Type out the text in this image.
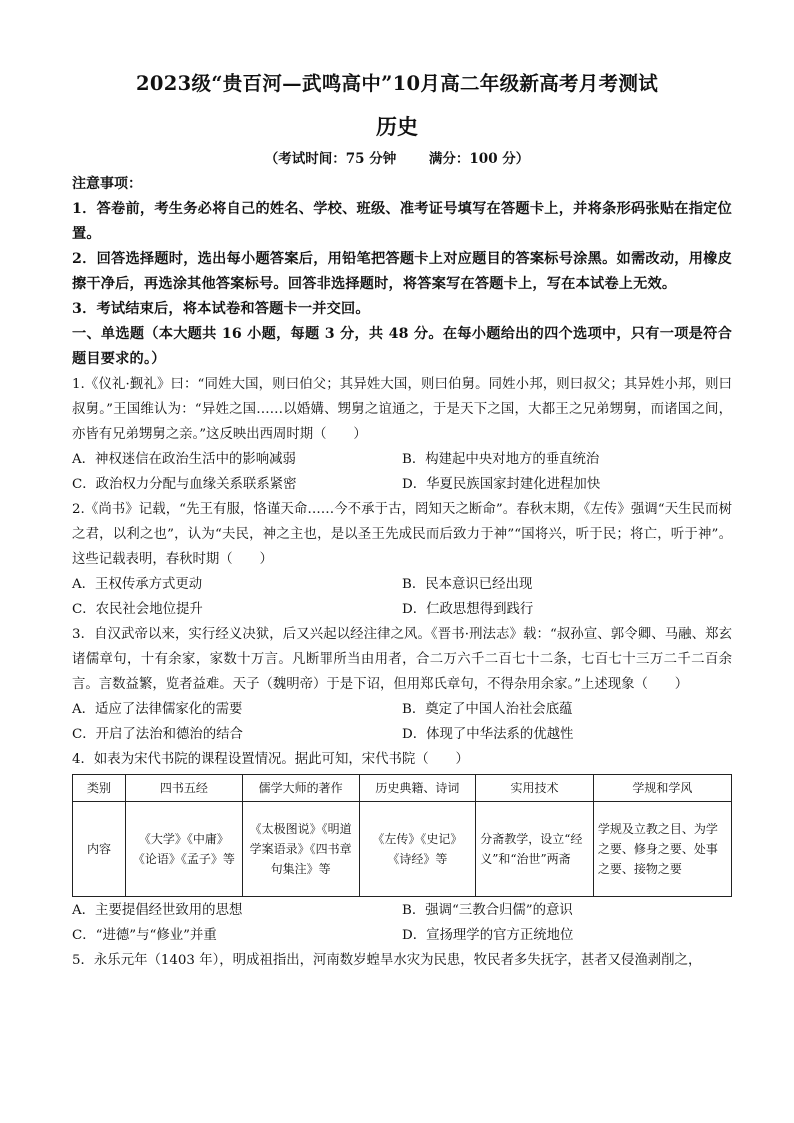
2023级“贵百河—武鸣高中”10月高二年级新高考月考测试
历史
（考试时间：75 分钟 满分：100 分）
注意事项：
1．答卷前，考生务必将自己的姓名、学校、班级、准考证号填写在答题卡上，并将条形码张贴在指定位置。
2．回答选择题时，选出每小题答案后，用铅笔把答题卡上对应题目的答案标号涂黑。如需改动，用橡皮擦干净后，再选涂其他答案标号。回答非选择题时，将答案写在答题卡上，写在本试卷上无效。
3．考试结束后，将本试卷和答题卡一并交回。
一、单选题（本大题共 16 小题，每题 3 分，共 48 分。在每小题给出的四个选项中，只有一项是符合题目要求的。）
1.《仪礼·觐礼》曰：“同姓大国，则曰伯父；其异姓大国，则曰伯舅。同姓小邦，则曰叔父；其异姓小邦，则曰叔舅。”王国维认为：“异姓之国……以婚媾、甥舅之谊通之，于是天下之国，大都王之兄弟甥舅，而诸国之间，亦皆有兄弟甥舅之亲。”这反映出西周时期（　　）
A．神权迷信在政治生活中的影响减弱	B．构建起中央对地方的垂直统治
C．政治权力分配与血缘关系联系紧密	D．华夏民族国家封建化进程加快
2.《尚书》记载，“先王有服，恪谨天命……今不承于古，罔知天之断命”。春秋末期，《左传》强调“天生民而树之君，以利之也”，认为“夫民，神之主也，是以圣王先成民而后致力于神”“国将兴，听于民；将亡，听于神”。这些记载表明，春秋时期（　　）
A．王权传承方式更动	B．民本意识已经出现
C．农民社会地位提升	D．仁政思想得到践行
3．自汉武帝以来，实行经义决狱，后又兴起以经注律之风。《晋书·刑法志》载：“叔孙宣、郭令卿、马融、郑玄诸儒章句，十有余家，家数十万言。凡断罪所当由用者，合二万六千二百七十二条，七百七十三万二千二百余言。言数益繁，览者益难。天子（魏明帝）于是下诏，但用郑氏章句，不得杂用余家。”上述现象（　　）
A．适应了法律儒家化的需要	B．奠定了中国人治社会底蕴
C．开启了法治和德治的结合	D．体现了中华法系的优越性
4．如表为宋代书院的课程设置情况。据此可知，宋代书院（　　）
类别	四书五经	儒学大师的著作	历史典籍、诗词	实用技术	学规和学风
内容	《大学》《中庸》《论语》《孟子》等	《太极图说》《明道学案语录》《四书章句集注》等	《左传》《史记》《诗经》等	分斋教学，设立“经义”和“治世”两斋	学规及立教之目、为学之要、修身之要、处事之要、接物之要
A．主要提倡经世致用的思想	B．强调“三教合归儒”的意识
C．“进德”与“修业”并重	D．宣扬理学的官方正统地位
5．永乐元年（1403 年），明成祖指出，河南数岁蝗旱水灾为民患，牧民者多失抚字，甚者又侵渔剥削之，
